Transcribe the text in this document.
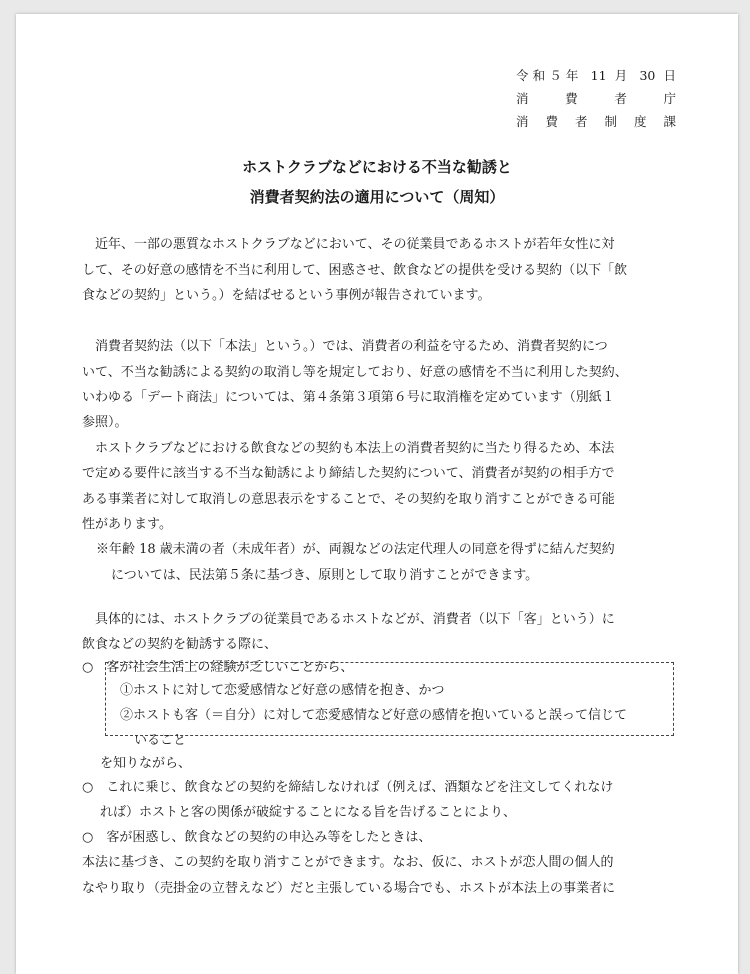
令和５年 11 月 30 日
消費者庁
消費者制度課
ホストクラブなどにおける不当な勧誘と
消費者契約法の適用について（周知）
　近年、一部の悪質なホストクラブなどにおいて、その従業員であるホストが若年女性に対
して、その好意の感情を不当に利用して、困惑させ、飲食などの提供を受ける契約（以下「飲
食などの契約」という。）を結ばせるという事例が報告されています。
　消費者契約法（以下「本法」という。）では、消費者の利益を守るため、消費者契約につ
いて、不当な勧誘による契約の取消し等を規定しており、好意の感情を不当に利用した契約、
いわゆる「デート商法」については、第４条第３項第６号に取消権を定めています（別紙１
参照）。
　ホストクラブなどにおける飲食などの契約も本法上の消費者契約に当たり得るため、本法
で定める要件に該当する不当な勧誘により締結した契約について、消費者が契約の相手方で
ある事業者に対して取消しの意思表示をすることで、その契約を取り消すことができる可能
性があります。
※年齢 18 歳未満の者（未成年者）が、両親などの法定代理人の同意を得ずに結んだ契約
については、民法第５条に基づき、原則として取り消すことができます。
　具体的には、ホストクラブの従業員であるホストなどが、消費者（以下「客」という）に
飲食などの契約を勧誘する際に、
○　客が社会生活上の経験が乏しいことから、
①ホストに対して恋愛感情など好意の感情を抱き、かつ
②ホストも客（＝自分）に対して恋愛感情など好意の感情を抱いていると誤って信じて
いること
を知りながら、
○　これに乗じ、飲食などの契約を締結しなければ（例えば、酒類などを注文してくれなけ
れば）ホストと客の関係が破綻することになる旨を告げることにより、
○　客が困惑し、飲食などの契約の申込み等をしたときは、
本法に基づき、この契約を取り消すことができます。なお、仮に、ホストが恋人間の個人的
なやり取り（売掛金の立替えなど）だと主張している場合でも、ホストが本法上の事業者に
